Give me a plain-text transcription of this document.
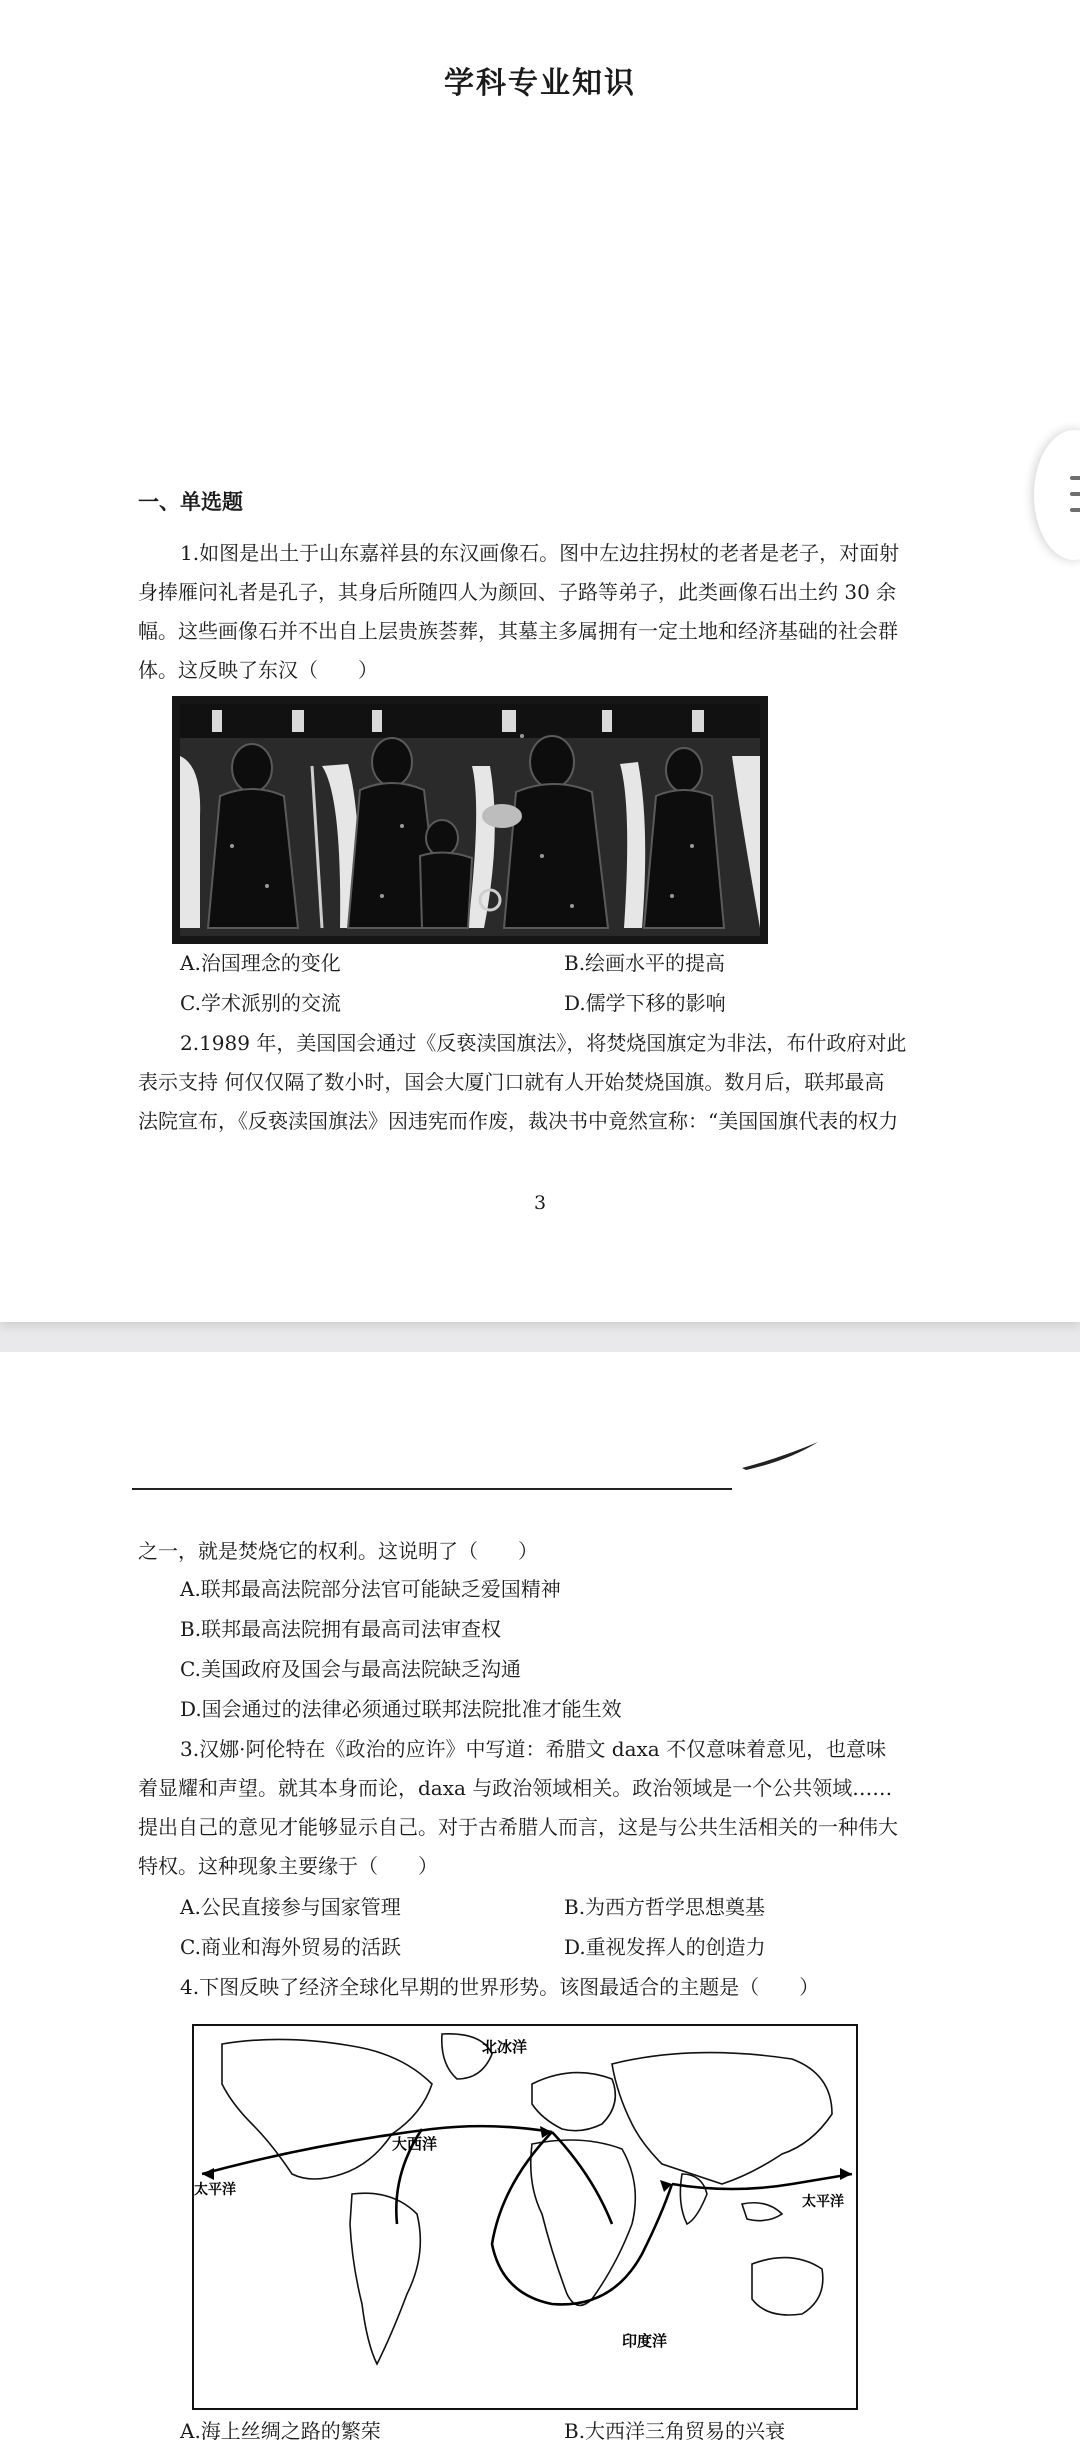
学科专业知识
一、单选题
1.如图是出土于山东嘉祥县的东汉画像石。图中左边拄拐杖的老者是老子，对面射
身捧雁问礼者是孔子，其身后所随四人为颜回、子路等弟子，此类画像石出土约 30 余
幅。这些画像石并不出自上层贵族荟葬，其墓主多属拥有一定土地和经济基础的社会群
体。这反映了东汉（　　）
A.治国理念的变化	B.绘画水平的提高
C.学术派别的交流	D.儒学下移的影响
2.1989 年，美国国会通过《反亵渎国旗法》，将焚烧国旗定为非法，布什政府对此
表示支持 何仅仅隔了数小时，国会大厦门口就有人开始焚烧国旗。数月后，联邦最高
法院宣布，《反亵渎国旗法》因违宪而作废，裁决书中竟然宣称：“美国国旗代表的权力
3
之一，就是焚烧它的权利。这说明了（　　）
A.联邦最高法院部分法官可能缺乏爱国精神
B.联邦最高法院拥有最高司法审查权
C.美国政府及国会与最高法院缺乏沟通
D.国会通过的法律必须通过联邦法院批准才能生效
3.汉娜·阿伦特在《政治的应许》中写道：希腊文 daxa 不仅意味着意见，也意味
着显耀和声望。就其本身而论，daxa 与政治领域相关。政治领域是一个公共领域……
提出自己的意见才能够显示自己。对于古希腊人而言，这是与公共生活相关的一种伟大
特权。这种现象主要缘于（　　）
A.公民直接参与国家管理	B.为西方哲学思想奠基
C.商业和海外贸易的活跃	D.重视发挥人的创造力
4.下图反映了经济全球化早期的世界形势。该图最适合的主题是（　　）
北冰洋
大西洋
太平洋
太平洋
印度洋
A.海上丝绸之路的繁荣	B.大西洋三角贸易的兴衰
